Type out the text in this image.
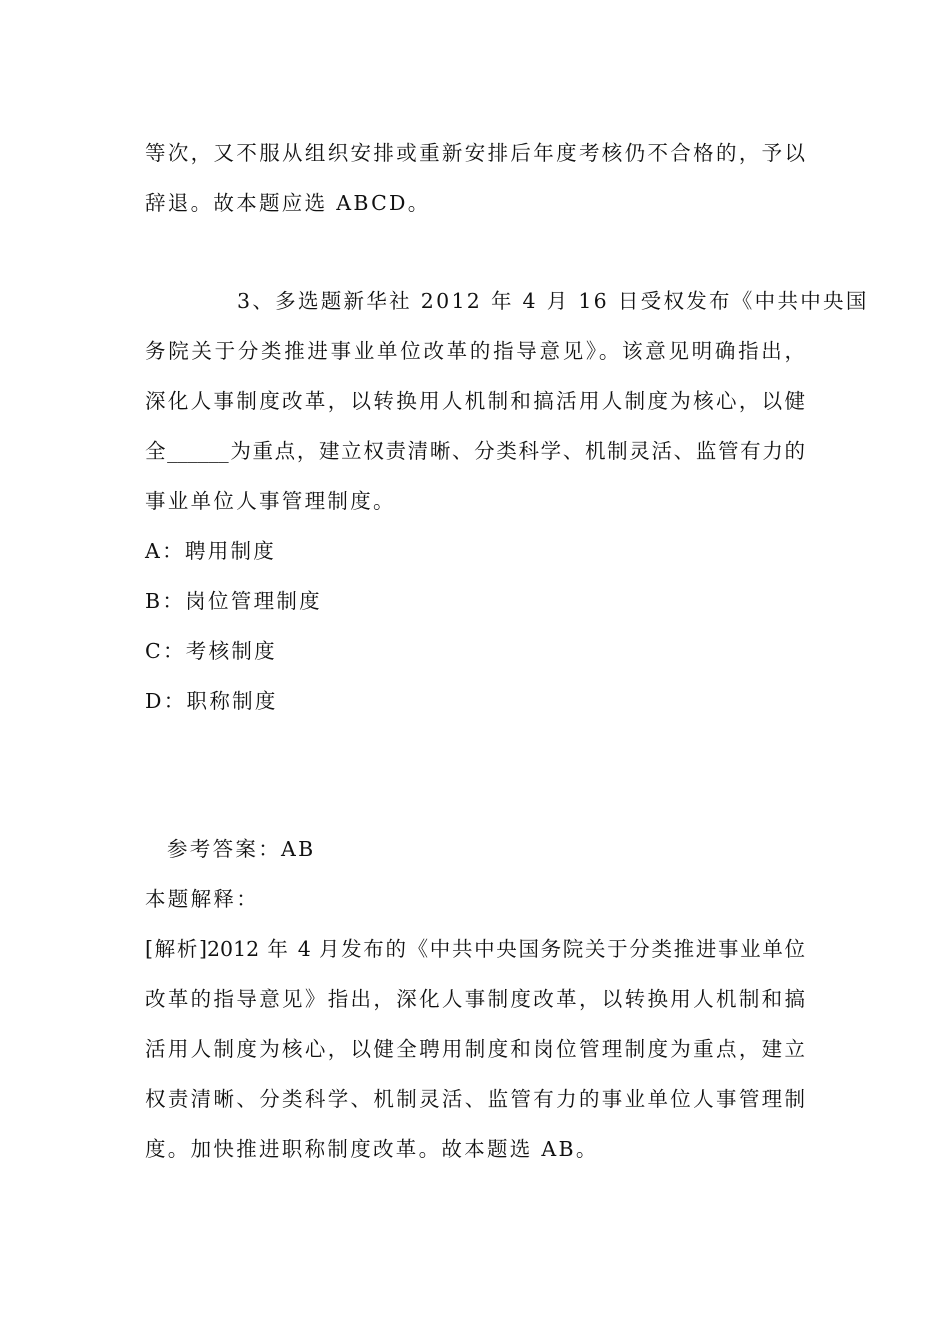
等次，又不服从组织安排或重新安排后年度考核仍不合格的，予以
辞退。故本题应选 ABCD。
3、多选题新华社 2012 年 4 月 16 日受权发布《中共中央国
务院关于分类推进事业单位改革的指导意见》。该意见明确指出，
深化人事制度改革，以转换用人机制和搞活用人制度为核心，以健
全______为重点，建立权责清晰、分类科学、机制灵活、监管有力的
事业单位人事管理制度。
A：聘用制度
B：岗位管理制度
C：考核制度
D：职称制度
参考答案：AB
本题解释：
[解析]2012 年 4 月发布的《中共中央国务院关于分类推进事业单位
改革的指导意见》指出，深化人事制度改革，以转换用人机制和搞
活用人制度为核心，以健全聘用制度和岗位管理制度为重点，建立
权责清晰、分类科学、机制灵活、监管有力的事业单位人事管理制
度。加快推进职称制度改革。故本题选 AB。
